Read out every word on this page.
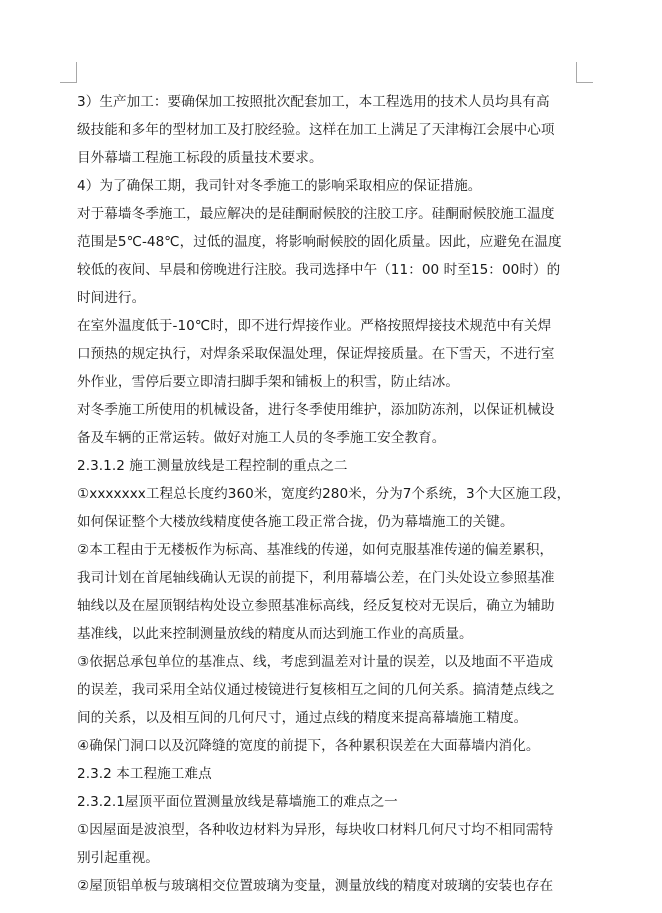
3）生产加工：要确保加工按照批次配套加工，本工程选用的技术人员均具有高
级技能和多年的型材加工及打胶经验。这样在加工上满足了天津梅江会展中心项
目外幕墙工程施工标段的质量技术要求。
4）为了确保工期，我司针对冬季施工的影响采取相应的保证措施。
对于幕墙冬季施工，最应解决的是硅酮耐候胶的注胶工序。硅酮耐候胶施工温度
范围是5℃-48℃，过低的温度，将影响耐候胶的固化质量。因此，应避免在温度
较低的夜间、早晨和傍晚进行注胶。我司选择中午（11：00 时至15：00时）的
时间进行。
在室外温度低于-10℃时，即不进行焊接作业。严格按照焊接技术规范中有关焊
口预热的规定执行，对焊条采取保温处理，保证焊接质量。在下雪天，不进行室
外作业，雪停后要立即清扫脚手架和铺板上的积雪，防止结冰。
对冬季施工所使用的机械设备，进行冬季使用维护，添加防冻剂，以保证机械设
备及车辆的正常运转。做好对施工人员的冬季施工安全教育。
2.3.1.2 施工测量放线是工程控制的重点之二
①xxxxxxx工程总长度约360米，宽度约280米，分为7个系统，3个大区施工段，
如何保证整个大楼放线精度使各施工段正常合拢，仍为幕墙施工的关键。
②本工程由于无楼板作为标高、基准线的传递，如何克服基准传递的偏差累积，
我司计划在首尾轴线确认无误的前提下，利用幕墙公差，在门头处设立参照基准
轴线以及在屋顶钢结构处设立参照基准标高线，经反复校对无误后，确立为辅助
基准线，以此来控制测量放线的精度从而达到施工作业的高质量。
③依据总承包单位的基准点、线，考虑到温差对计量的误差，以及地面不平造成
的误差，我司采用全站仪通过棱镜进行复核相互之间的几何关系。搞清楚点线之
间的关系，以及相互间的几何尺寸，通过点线的精度来提高幕墙施工精度。
④确保门洞口以及沉降缝的宽度的前提下，各种累积误差在大面幕墙内消化。
2.3.2 本工程施工难点
2.3.2.1屋顶平面位置测量放线是幕墙施工的难点之一
①因屋面是波浪型，各种收边材料为异形，每块收口材料几何尺寸均不相同需特
别引起重视。
②屋顶铝单板与玻璃相交位置玻璃为变量，测量放线的精度对玻璃的安装也存在
